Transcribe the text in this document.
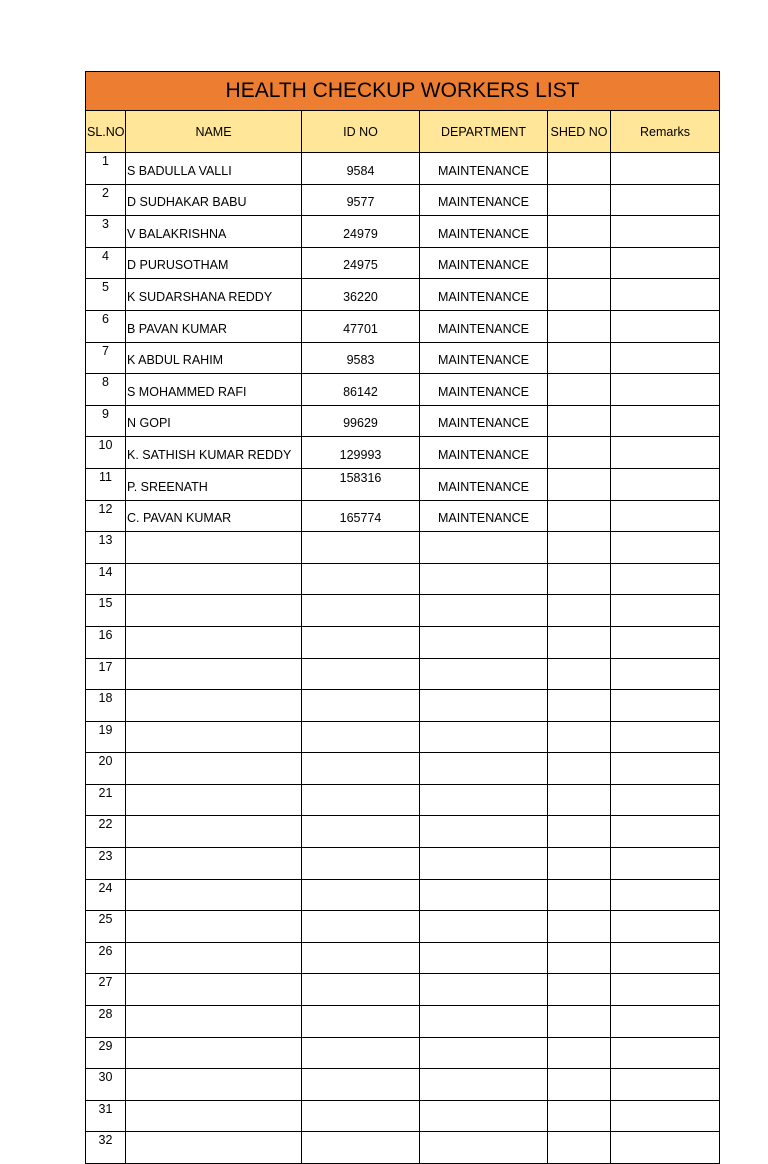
HEALTH CHECKUP WORKERS LIST					
SL.NO	NAME	ID NO	DEPARTMENT	SHED NO	Remarks
1	S BADULLA VALLI	9584	MAINTENANCE		
2	D SUDHAKAR BABU	9577	MAINTENANCE		
3	V BALAKRISHNA	24979	MAINTENANCE		
4	D PURUSOTHAM	24975	MAINTENANCE		
5	K SUDARSHANA REDDY	36220	MAINTENANCE		
6	B PAVAN KUMAR	47701	MAINTENANCE		
7	K ABDUL RAHIM	9583	MAINTENANCE		
8	S MOHAMMED RAFI	86142	MAINTENANCE		
9	N GOPI	99629	MAINTENANCE		
10	K. SATHISH KUMAR REDDY	129993	MAINTENANCE		
11	P. SREENATH	158316	MAINTENANCE		
12	C. PAVAN KUMAR	165774	MAINTENANCE		
13					
14					
15					
16					
17					
18					
19					
20					
21					
22					
23					
24					
25					
26					
27					
28					
29					
30					
31					
32					
